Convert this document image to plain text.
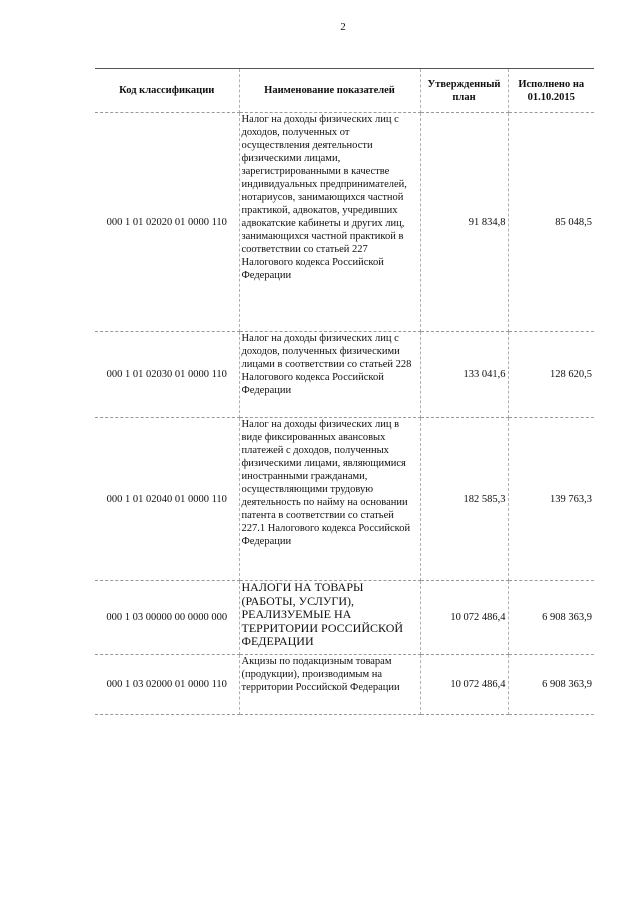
2
Код классификации	Наименование показателей	Утвержденный план	Исполнено на 01.10.2015
000 1 01 02020 01 0000 110	Налог на доходы физических лиц с доходов, полученных от осуществления деятельности физическими лицами, зарегистрированными в качестве индивидуальных предпринимателей, нотариусов, занимающихся частной практикой, адвокатов, учредивших адвокатские кабинеты и других лиц, занимающихся частной практикой в соответствии со статьей 227 Налогового кодекса Российской Федерации	91 834,8	85 048,5
000 1 01 02030 01 0000 110	Налог на доходы физических лиц с доходов, полученных физическими лицами в соответствии со статьей 228 Налогового кодекса Российской Федерации	133 041,6	128 620,5
000 1 01 02040 01 0000 110	Налог на доходы физических лиц в виде фиксированных авансовых платежей с доходов, полученных физическими лицами, являющимися иностранными гражданами, осуществляющими трудовую деятельность по найму на основании патента в соответствии со статьей 227.1 Налогового кодекса Российской Федерации	182 585,3	139 763,3
000 1 03 00000 00 0000 000	НАЛОГИ НА ТОВАРЫ (РАБОТЫ, УСЛУГИ), РЕАЛИЗУЕМЫЕ НА ТЕРРИТОРИИ РОССИЙСКОЙ ФЕДЕРАЦИИ	10 072 486,4	6 908 363,9
000 1 03 02000 01 0000 110	Акцизы по подакцизным товарам (продукции), производимым на территории Российской Федерации	10 072 486,4	6 908 363,9
